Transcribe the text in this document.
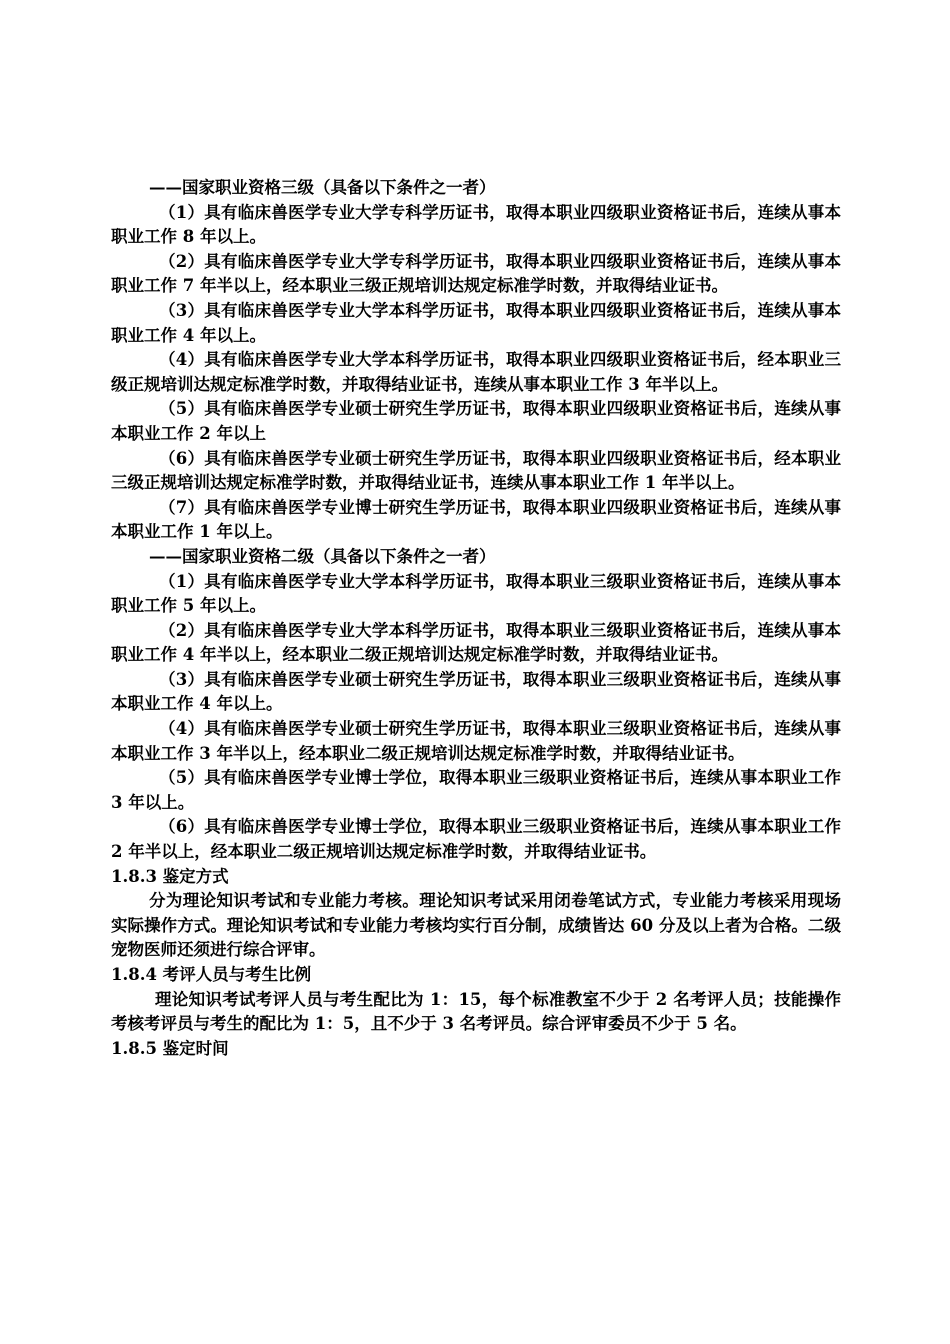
——国家职业资格三级（具备以下条件之一者）

（1）具有临床兽医学专业大学专科学历证书，取得本职业四级职业资格证书后，连续从事本职业工作 8 年以上。

（2）具有临床兽医学专业大学专科学历证书，取得本职业四级职业资格证书后，连续从事本职业工作 7 年半以上，经本职业三级正规培训达规定标准学时数，并取得结业证书。

（3）具有临床兽医学专业大学本科学历证书，取得本职业四级职业资格证书后，连续从事本职业工作 4 年以上。

（4）具有临床兽医学专业大学本科学历证书，取得本职业四级职业资格证书后，经本职业三级正规培训达规定标准学时数，并取得结业证书，连续从事本职业工作 3 年半以上。

（5）具有临床兽医学专业硕士研究生学历证书，取得本职业四级职业资格证书后，连续从事本职业工作 2 年以上

（6）具有临床兽医学专业硕士研究生学历证书，取得本职业四级职业资格证书后，经本职业三级正规培训达规定标准学时数，并取得结业证书，连续从事本职业工作 1 年半以上。

（7）具有临床兽医学专业博士研究生学历证书，取得本职业四级职业资格证书后，连续从事本职业工作 1 年以上。

——国家职业资格二级（具备以下条件之一者）

（1）具有临床兽医学专业大学本科学历证书，取得本职业三级职业资格证书后，连续从事本职业工作 5 年以上。

（2）具有临床兽医学专业大学本科学历证书，取得本职业三级职业资格证书后，连续从事本职业工作 4 年半以上，经本职业二级正规培训达规定标准学时数，并取得结业证书。

（3）具有临床兽医学专业硕士研究生学历证书，取得本职业三级职业资格证书后，连续从事本职业工作 4 年以上。

（4）具有临床兽医学专业硕士研究生学历证书，取得本职业三级职业资格证书后，连续从事本职业工作 3 年半以上，经本职业二级正规培训达规定标准学时数，并取得结业证书。

（5）具有临床兽医学专业博士学位，取得本职业三级职业资格证书后，连续从事本职业工作 3 年以上。

（6）具有临床兽医学专业博士学位，取得本职业三级职业资格证书后，连续从事本职业工作 2 年半以上，经本职业二级正规培训达规定标准学时数，并取得结业证书。

1.8.3 鉴定方式

分为理论知识考试和专业能力考核。理论知识考试采用闭卷笔试方式，专业能力考核采用现场实际操作方式。理论知识考试和专业能力考核均实行百分制，成绩皆达 60 分及以上者为合格。二级宠物医师还须进行综合评审。

1.8.4 考评人员与考生比例

理论知识考试考评人员与考生配比为 1：15，每个标准教室不少于 2 名考评人员；技能操作考核考评员与考生的配比为 1：5，且不少于 3 名考评员。综合评审委员不少于 5 名。

1.8.5 鉴定时间
